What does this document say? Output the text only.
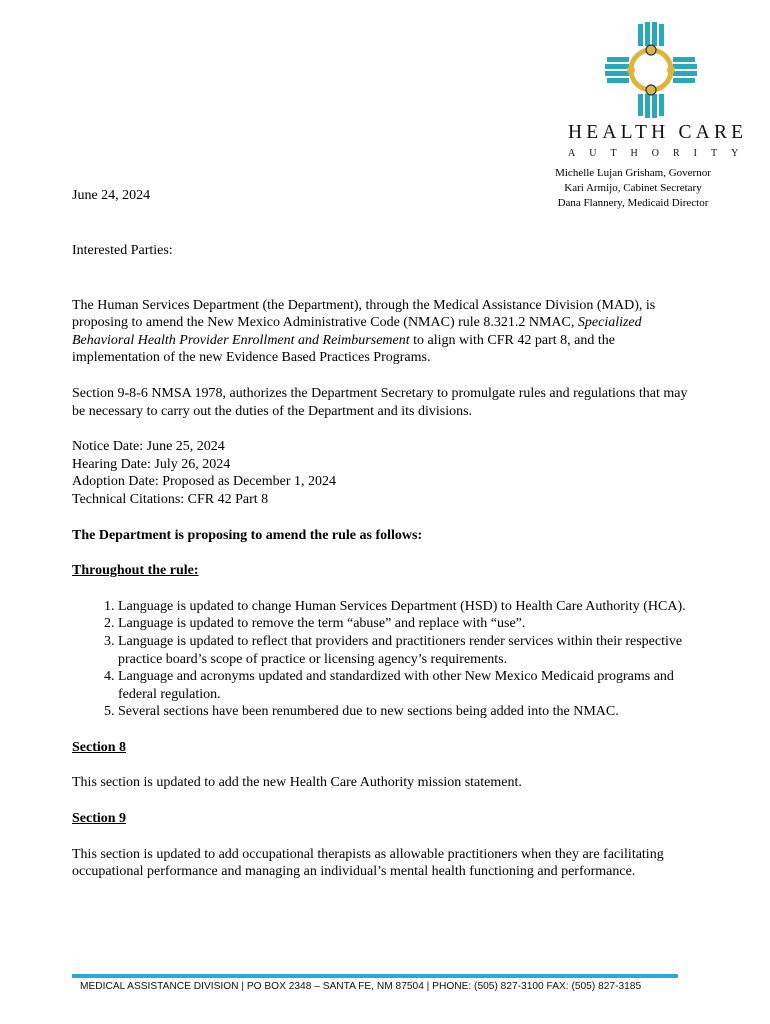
HEALTH CARE
AUTHORITY
Michelle Lujan Grisham, Governor
Kari Armijo, Cabinet Secretary
Dana Flannery, Medicaid Director
June 24, 2024

Interested Parties:

The Human Services Department (the Department), through the Medical Assistance Division (MAD), is proposing to amend the New Mexico Administrative Code (NMAC) rule 8.321.2 NMAC, Specialized Behavioral Health Provider Enrollment and Reimbursement to align with CFR 42 part 8, and the implementation of the new Evidence Based Practices Programs.

Section 9-8-6 NMSA 1978, authorizes the Department Secretary to promulgate rules and regulations that may be necessary to carry out the duties of the Department and its divisions.

Notice Date: June 25, 2024
Hearing Date: July 26, 2024
Adoption Date: Proposed as December 1, 2024
Technical Citations: CFR 42 Part 8

The Department is proposing to amend the rule as follows:

Throughout the rule:

1. Language is updated to change Human Services Department (HSD) to Health Care Authority (HCA).
2. Language is updated to remove the term “abuse” and replace with “use”.
3. Language is updated to reflect that providers and practitioners render services within their respective practice board’s scope of practice or licensing agency’s requirements.
4. Language and acronyms updated and standardized with other New Mexico Medicaid programs and federal regulation.
5. Several sections have been renumbered due to new sections being added into the NMAC.

Section 8

This section is updated to add the new Health Care Authority mission statement.

Section 9

This section is updated to add occupational therapists as allowable practitioners when they are facilitating occupational performance and managing an individual’s mental health functioning and performance.

MEDICAL ASSISTANCE DIVISION | PO BOX 2348 – SANTA FE, NM 87504 | PHONE: (505) 827-3100 FAX: (505) 827-3185
